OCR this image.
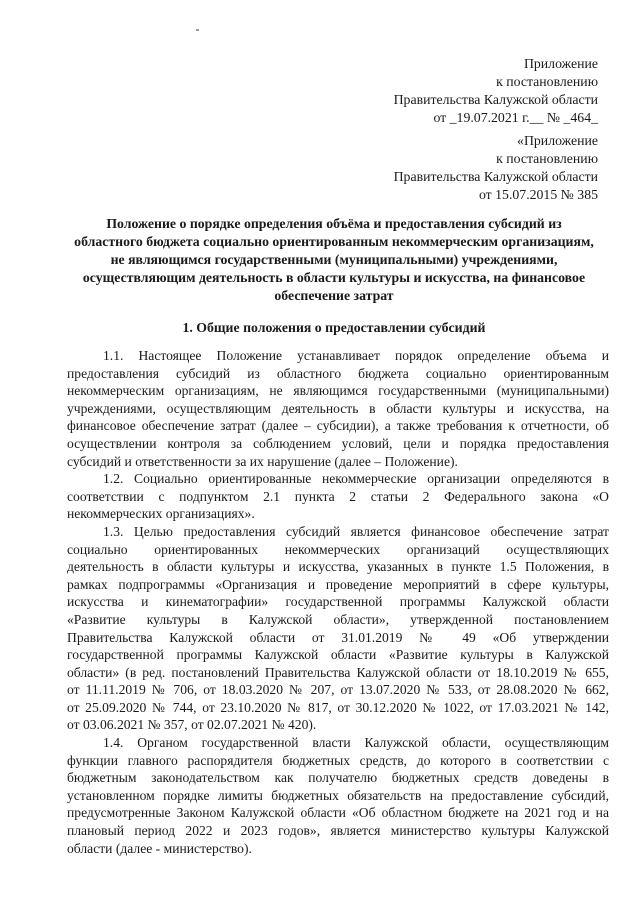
Приложение
к постановлению
Правительства Калужской области
от _19.07.2021 г.__ № _464_
«Приложение
к постановлению
Правительства Калужской области
от 15.07.2015 № 385
Положение о порядке определения объёма и предоставления субсидий из
областного бюджета социально ориентированным некоммерческим организациям,
не являющимся государственными (муниципальными) учреждениями,
осуществляющим деятельность в области культуры и искусства, на финансовое
обеспечение затрат
1. Общие положения о предоставлении субсидий

1.1. Настоящее Положение устанавливает порядок определение объема и
предоставления субсидий из областного бюджета социально ориентированным
некоммерческим организациям, не являющимся государственными (муниципальными)
учреждениями, осуществляющим деятельность в области культуры и искусства, на
финансовое обеспечение затрат (далее – субсидии), а также требования к отчетности, об
осуществлении контроля за соблюдением условий, цели и порядка предоставления
субсидий и ответственности за их нарушение (далее – Положение).

1.2. Социально ориентированные некоммерческие организации определяются в
соответствии с подпунктом 2.1 пункта 2 статьи 2 Федерального закона «О
некоммерческих организациях».

1.3. Целью предоставления субсидий является финансовое обеспечение затрат
социально ориентированных некоммерческих организаций осуществляющих
деятельность в области культуры и искусства, указанных в пункте 1.5 Положения, в
рамках подпрограммы «Организация и проведение мероприятий в сфере культуры,
искусства и кинематографии» государственной программы Калужской области
«Развитие культуры в Калужской области», утвержденной постановлением
Правительства Калужской области от 31.01.2019 № 49 «Об утверждении
государственной программы Калужской области «Развитие культуры в Калужской
области» (в ред. постановлений Правительства Калужской области от 18.10.2019 № 655,
от 11.11.2019 № 706, от 18.03.2020 № 207, от 13.07.2020 № 533, от 28.08.2020 № 662,
от 25.09.2020 № 744, от 23.10.2020 № 817, от 30.12.2020 № 1022, от 17.03.2021 № 142,
от 03.06.2021 № 357, от 02.07.2021 № 420).

1.4. Органом государственной власти Калужской области, осуществляющим
функции главного распорядителя бюджетных средств, до которого в соответствии с
бюджетным законодательством как получателю бюджетных средств доведены в
установленном порядке лимиты бюджетных обязательств на предоставление субсидий,
предусмотренные Законом Калужской области «Об областном бюджете на 2021 год и на
плановый период 2022 и 2023 годов», является министерство культуры Калужской
области (далее - министерство).
